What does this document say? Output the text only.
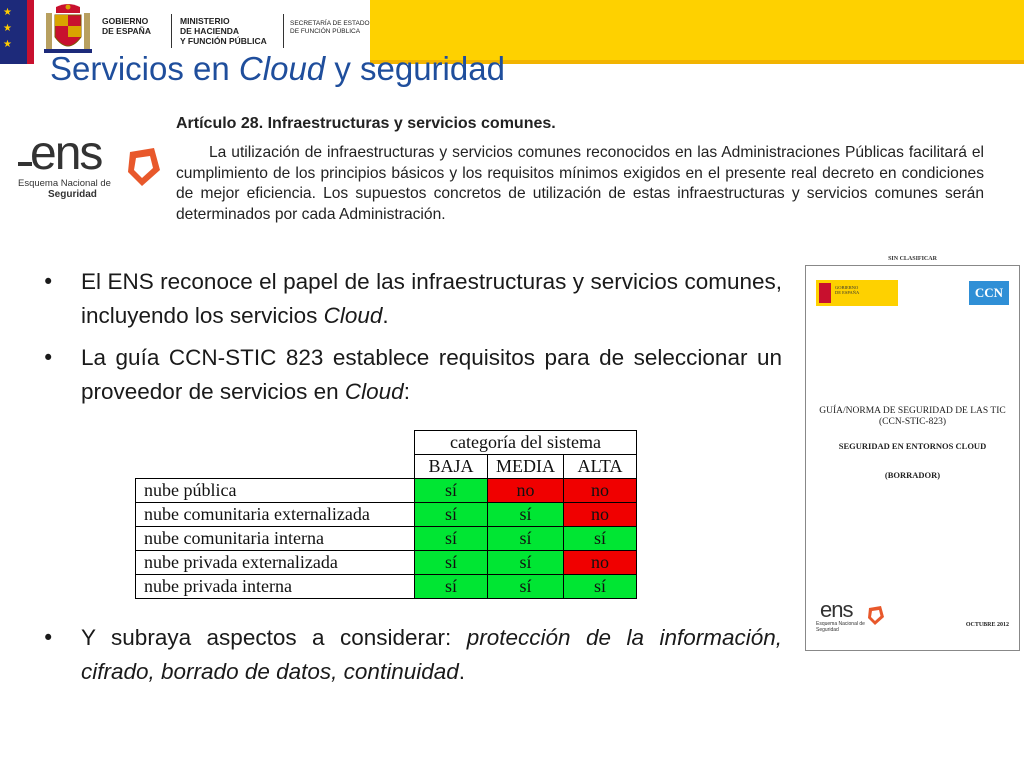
★
★
★
GOBIERNO
DE ESPAÑA
MINISTERIO
DE HACIENDA
Y FUNCIÓN PÚBLICA
SECRETARÍA DE ESTADO
DE FUNCIÓN PÚBLICA
Servicios en Cloud y seguridad
ens
Esquema Nacional de
Seguridad

Artículo 28. Infraestructuras y servicios comunes.

La utilización de infraestructuras y servicios comunes reconocidos en las Administraciones Públicas facilitará el cumplimiento de los principios básicos y los requisitos mínimos exigidos en el presente real decreto en condiciones de mejor eficiencia. Los supuestos concretos de utilización de estas infraestructuras y servicios comunes serán determinados por cada Administración.

• El ENS reconoce el papel de las infraestructuras y servicios comunes, incluyendo los servicios Cloud.
• La guía CCN-STIC 823 establece requisitos para de seleccionar un proveedor de servicios en Cloud:
	categoría del sistema		
	BAJA	MEDIA	ALTA
nube pública	sí	no	no
nube comunitaria externalizada	sí	sí	no
nube comunitaria interna	sí	sí	sí
nube privada externalizada	sí	sí	no
nube privada interna	sí	sí	sí
• Y subraya aspectos a considerar: protección de la información, cifrado, borrado de datos, continuidad.
GOBIERNO
DE ESPAÑA	CCN
GUÍA/NORMA DE SEGURIDAD DE LAS TIC
(CCN-STIC-823)
SEGURIDAD EN ENTORNOS CLOUD
(BORRADOR)
ens
Esquema Nacional de
Seguridad
OCTUBRE 2012
SIN CLASIFICAR
